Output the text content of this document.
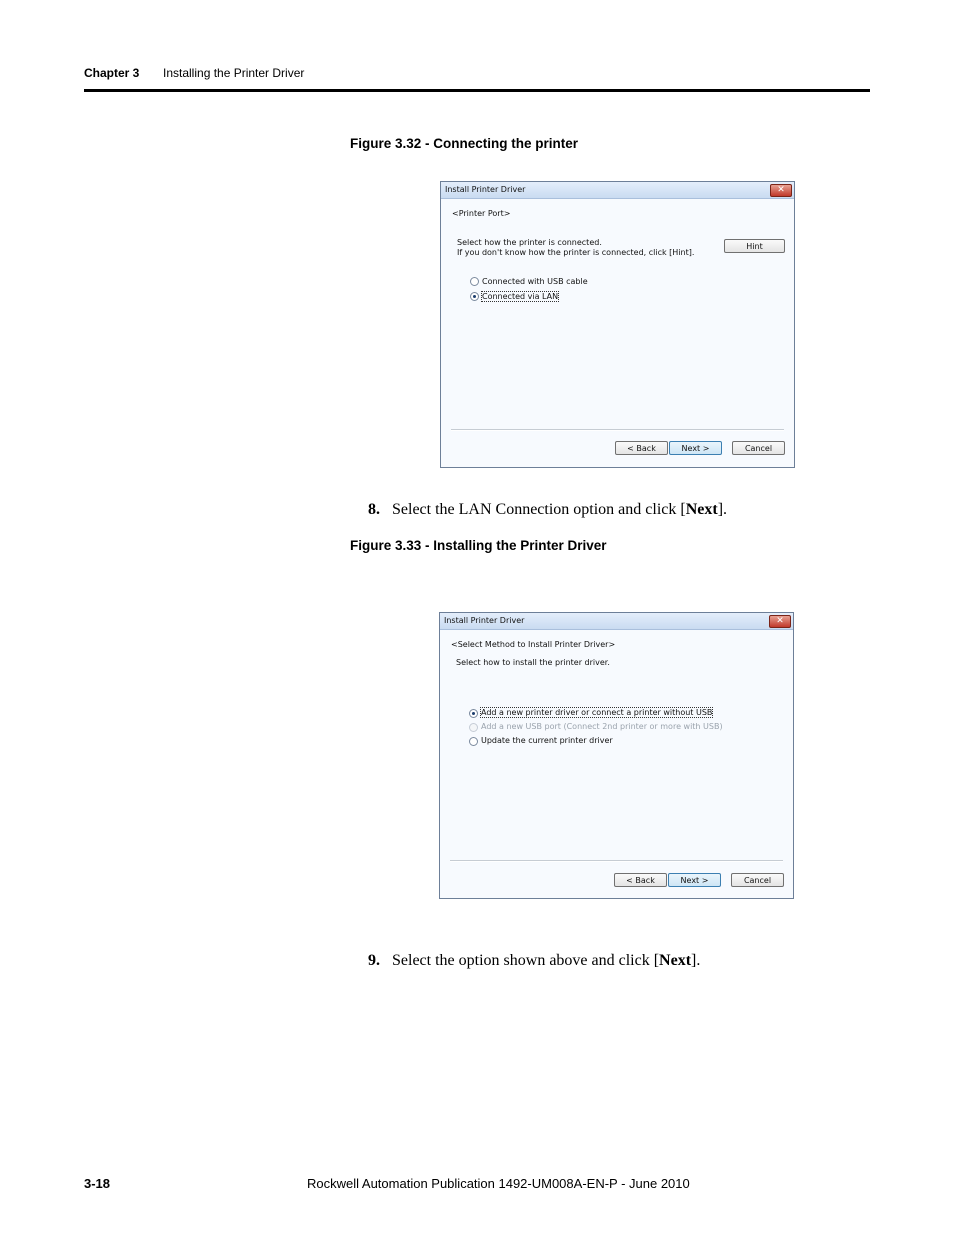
Chapter 3 Installing the Printer Driver
Figure 3.32 - Connecting the printer
Install Printer Driver	✕
<Printer Port>
Select how the printer is connected.
If you don't know how the printer is connected, click [Hint].
Hint
Connected with USB cable
Connected via LAN
< Back	Next >	Cancel
8. Select the LAN Connection option and click [Next].
Figure 3.33 - Installing the Printer Driver
Install Printer Driver	✕
<Select Method to Install Printer Driver>
Select how to install the printer driver.
Add a new printer driver or connect a printer without USB
Add a new USB port (Connect 2nd printer or more with USB)
Update the current printer driver
< Back	Next >	Cancel
9. Select the option shown above and click [Next].
3-18	Rockwell Automation Publication 1492-UM008A-EN-P - June 2010
